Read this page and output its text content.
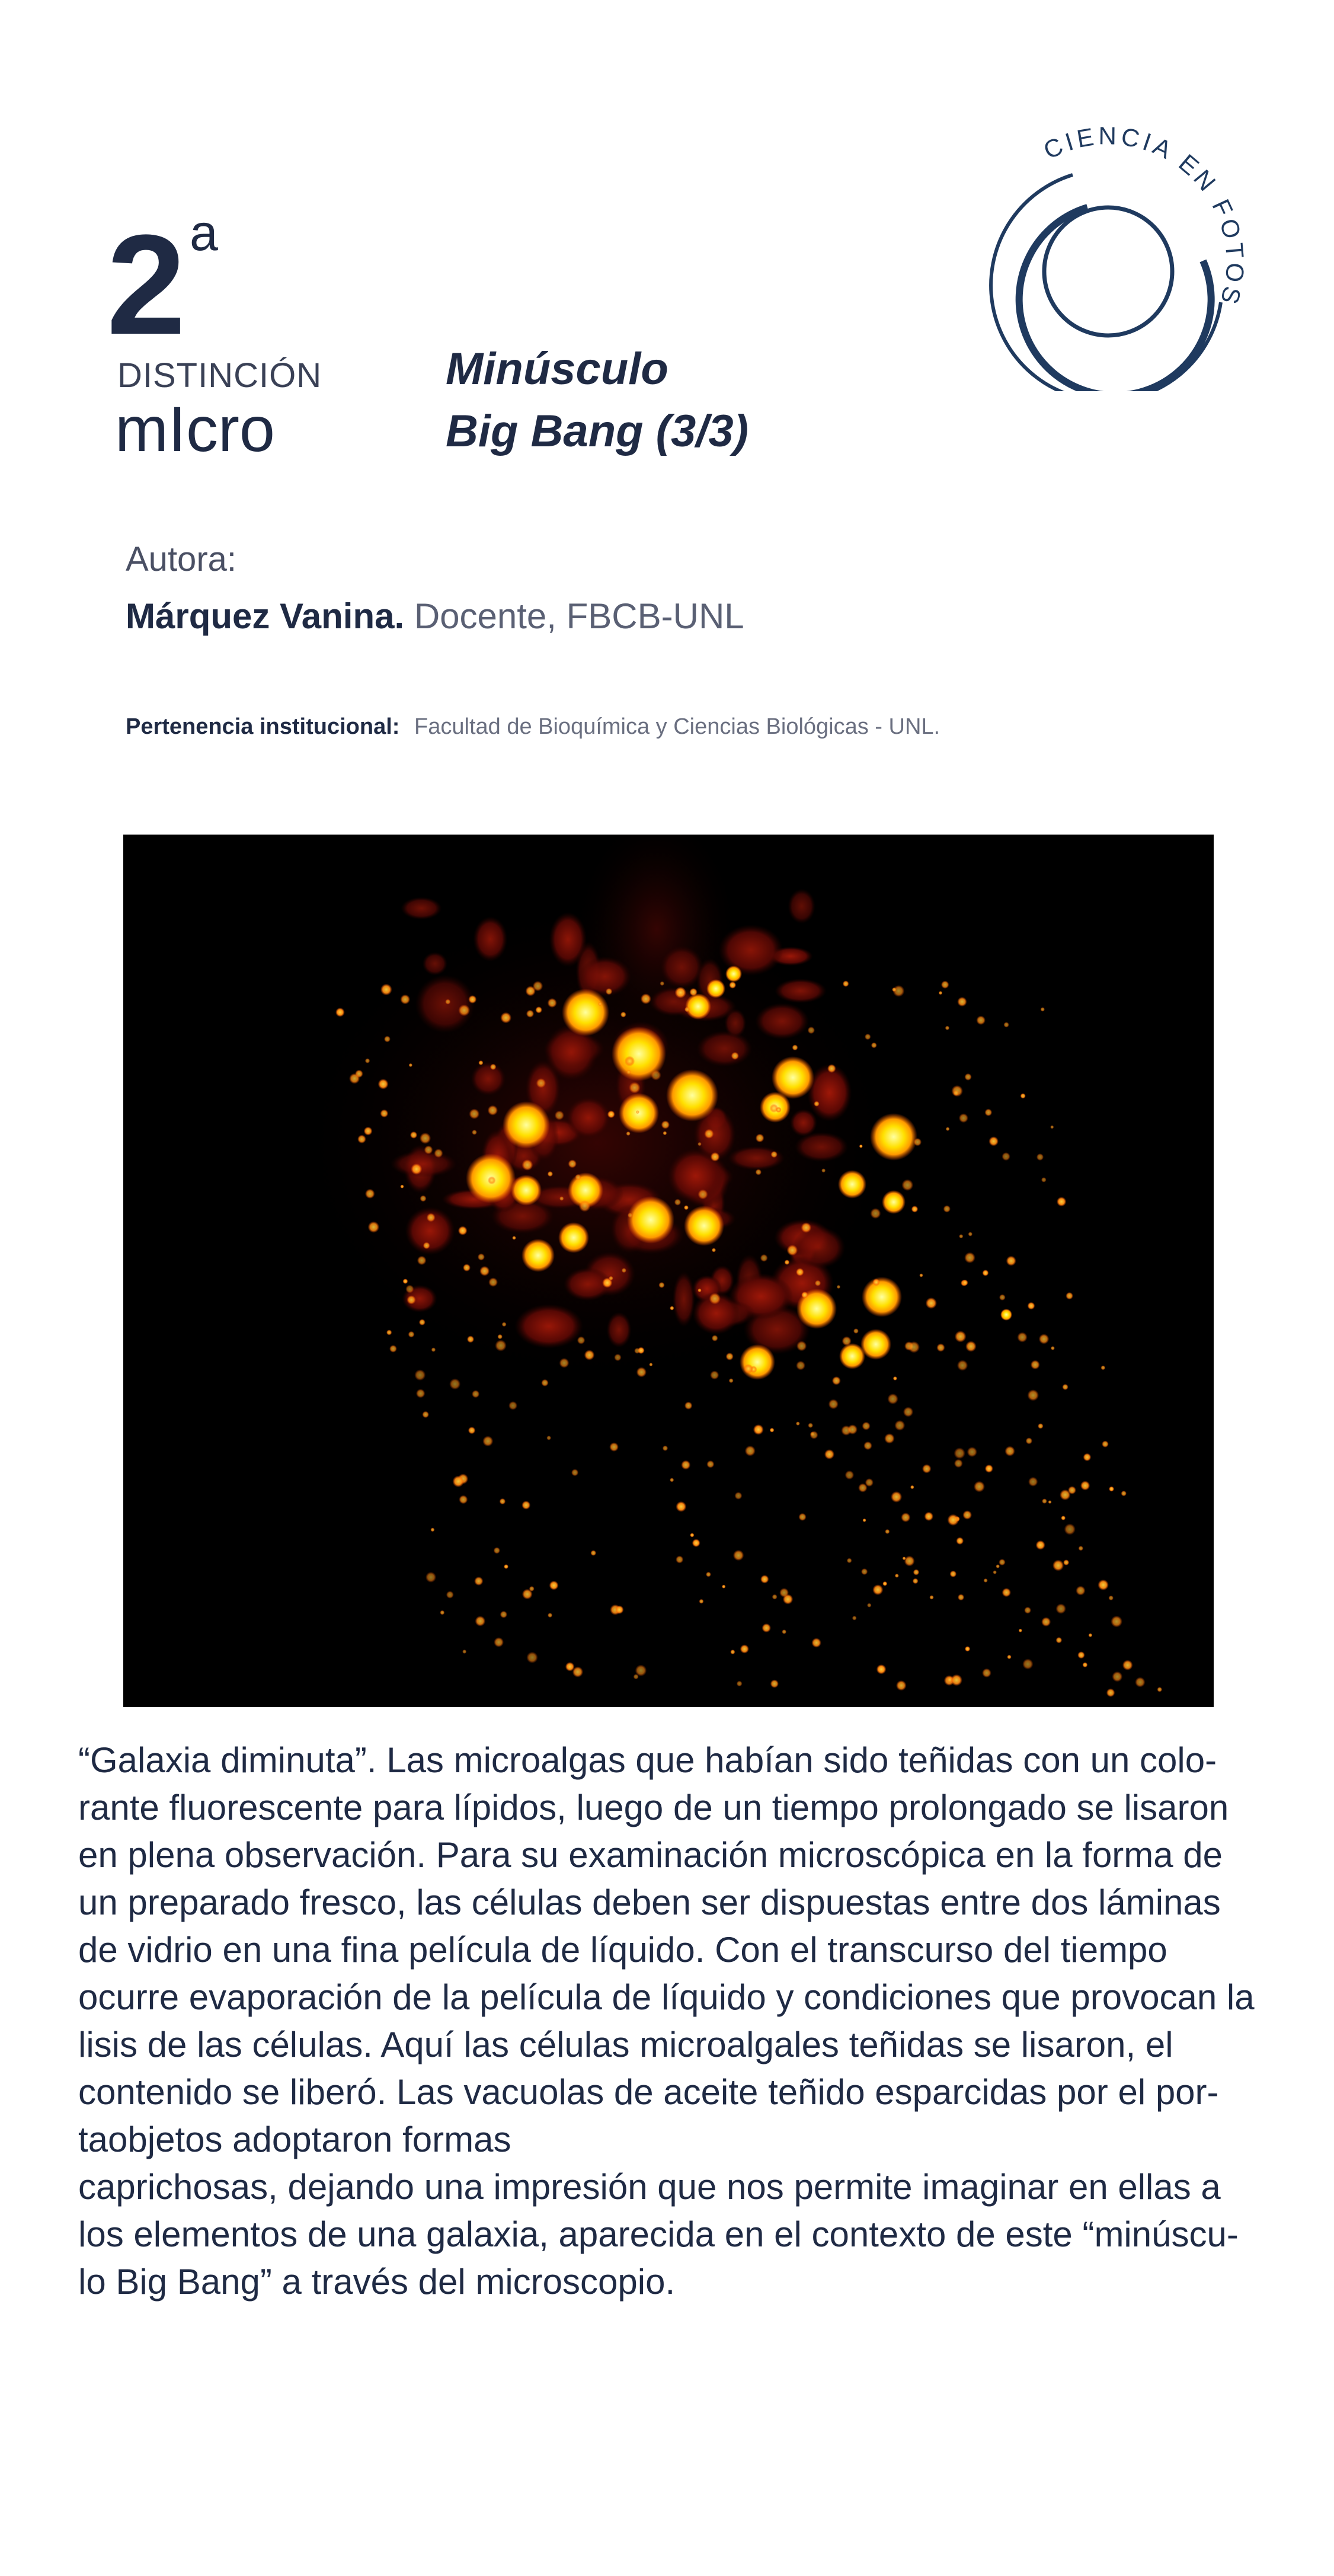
2 a
DISTINCIÓN
mIcro
Minúsculo
Big Bang (3/3)
CIENCIA EN FO S
Autora:
Márquez Vanina. Docente, FBCB-UNL
Pertenencia institucional: Facultad de Bioquímica y Ciencias Biológicas - UNL.

“Galaxia diminuta”. Las microalgas que habían sido teñidas con un colo-rante fluorescente para lípidos, luego de un tiempo prolongado se lisaron en plena observación. Para su examinación microscópica en la forma de un preparado fresco, las células deben ser dispuestas entre dos láminas de vidrio en una fina película de líquido. Con el transcurso del tiempo ocurre evaporación de la película de líquido y condiciones que provocan la lisis de las células. Aquí las células microalgales teñidas se lisaron, el contenido se liberó. Las vacuolas de aceite teñido esparcidas por el por-taobjetos adoptaron formas

caprichosas, dejando una impresión que nos permite imaginar en ellas a los elementos de una galaxia, aparecida en el contexto de este “minúscu-lo Big Bang” a través del microscopio.
